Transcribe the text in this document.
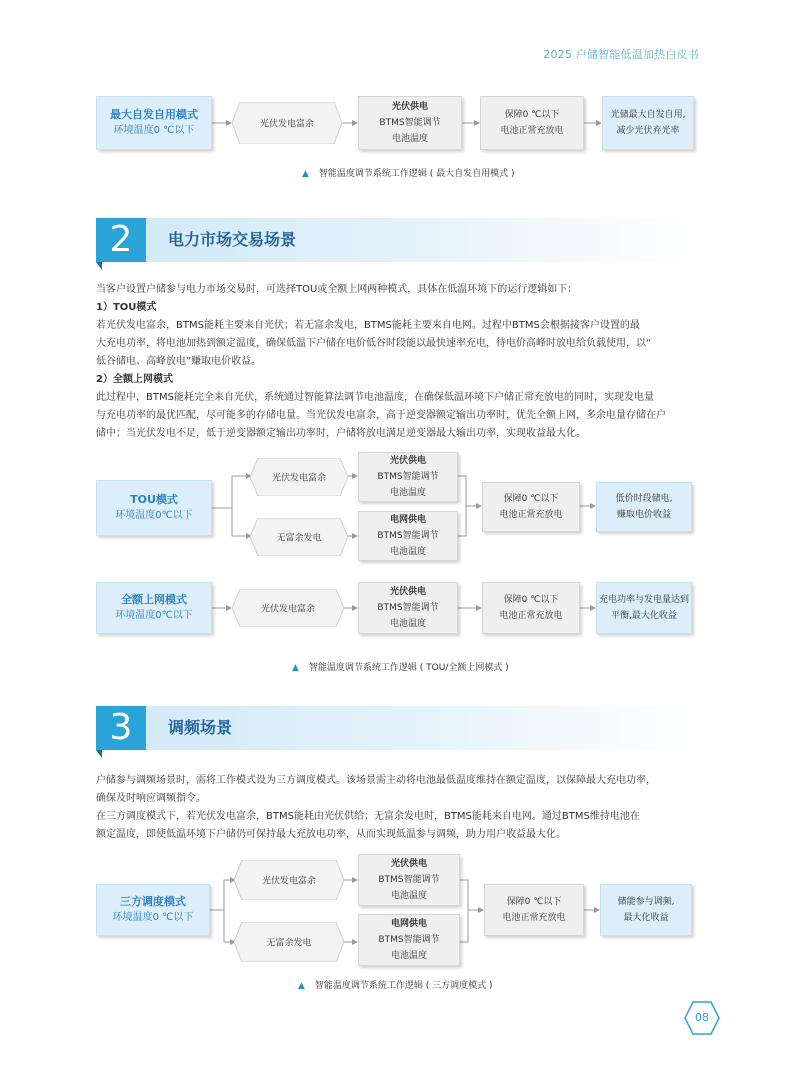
2025 户储智能低温加热白皮书
最大自发自用模式
环境温度0 ℃以下
光伏发电富余
光伏供电
BTMS智能调节
电池温度
保障0 ℃以下
电池正常充放电
光储最大自发自用,
减少光伏弃光率
▲ 智能温度调节系统工作逻辑 ( 最大自发自用模式 )
2	电力市场交易场景
当客户设置户储参与电力市场交易时，可选择TOU或全额上网两种模式，具体在低温环境下的运行逻辑如下：
1）TOU模式
若光伏发电富余，BTMS能耗主要来自光伏；若无富余发电，BTMS能耗主要来自电网。过程中BTMS会根据接客户设置的最
大充电功率，将电池加热到额定温度，确保低温下户储在电价低谷时段能以最快速率充电，待电价高峰时放电给负载使用，以“
低谷储电、高峰放电”赚取电价收益。
2）全额上网模式
此过程中，BTMS能耗完全来自光伏，系统通过智能算法调节电池温度，在确保低温环境下户储正常充放电的同时，实现发电量
与充电功率的最优匹配，尽可能多的存储电量。当光伏发电富余，高于逆变器额定输出功率时，优先全额上网，多余电量存储在户
储中；当光伏发电不足，低于逆变器额定输出功率时，户储将放电满足逆变器最大输出功率，实现收益最大化。
TOU模式
环境温度0℃以下
光伏发电富余
无富余发电
光伏供电
BTMS智能调节
电池温度
电网供电
BTMS智能调节
电池温度
保障0 ℃以下
电池正常充放电
低价时段储电,
赚取电价收益
全额上网模式
环境温度0℃以下
光伏发电富余
光伏供电
BTMS智能调节
电池温度
保障0 ℃以下
电池正常充放电
充电功率与发电量达到
平衡,最大化收益
▲ 智能温度调节系统工作逻辑 ( TOU/全额上网模式 )
3	调频场景
户储参与调频场景时，需将工作模式设为三方调度模式。该场景需主动将电池最低温度维持在额定温度，以保障最大充电功率，
确保及时响应调频指令。
在三方调度模式下，若光伏发电富余，BTMS能耗由光伏供给；无富余发电时，BTMS能耗来自电网。通过BTMS维持电池在
额定温度，即使低温环境下户储仍可保持最大充放电功率，从而实现低温参与调频，助力用户收益最大化。
三方调度模式
环境温度0 ℃以下
光伏发电富余
无富余发电
光伏供电
BTMS智能调节
电池温度
电网供电
BTMS智能调节
电池温度
保障0 ℃以下
电池正常充放电
储能参与调频,
最大化收益
▲ 智能温度调节系统工作逻辑 ( 三方调度模式 )
08
